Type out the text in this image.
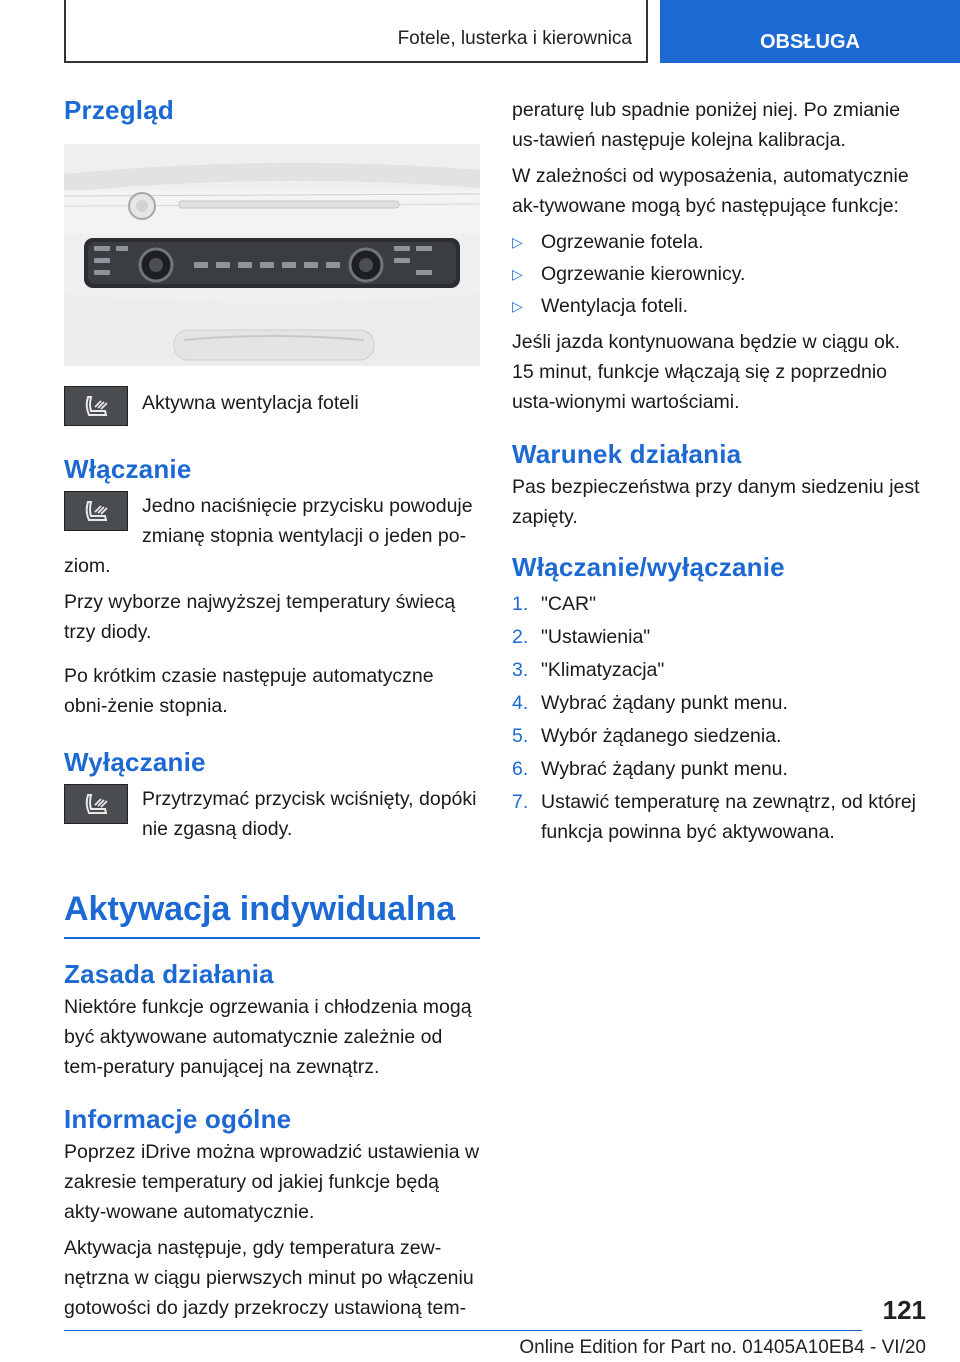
Fotele, lusterka i kierownica	OBSŁUGA
Przegląd

Aktywna wentylacja foteli

Włączanie

Jedno naciśnięcie przycisku powoduje zmianę stopnia wentylacji o jeden po-

ziom.

Przy wyborze najwyższej temperatury świecą trzy diody.

Po krótkim czasie następuje automatyczne obni-żenie stopnia.

Wyłączanie

Przytrzymać przycisk wciśnięty, dopóki nie zgasną diody.

Aktywacja indywidualna
Zasada działania

Niektóre funkcje ogrzewania i chłodzenia mogą być aktywowane automatycznie zależnie od tem-peratury panującej na zewnątrz.

Informacje ogólne

Poprzez iDrive można wprowadzić ustawienia w zakresie temperatury od jakiej funkcje będą akty-wowane automatycznie.

Aktywacja następuje, gdy temperatura zew-nętrzna w ciągu pierwszych minut po włączeniu gotowości do jazdy przekroczy ustawioną tem-

peraturę lub spadnie poniżej niej. Po zmianie us-tawień następuje kolejna kalibracja.

W zależności od wyposażenia, automatycznie ak-tywowane mogą być następujące funkcje:

▷ Ogrzewanie fotela.
▷ Ogrzewanie kierownicy.
▷ Wentylacja foteli.

Jeśli jazda kontynuowana będzie w ciągu ok. 15 minut, funkcje włączają się z poprzednio usta-wionymi wartościami.

Warunek działania

Pas bezpieczeństwa przy danym siedzeniu jest zapięty.

Włączanie/wyłączanie
1. "CAR"
2. "Ustawienia"
3. "Klimatyzacja"
4. Wybrać żądany punkt menu.
5. Wybór żądanego siedzenia.
6. Wybrać żądany punkt menu.
7. Ustawić temperaturę na zewnątrz, od której funkcja powinna być aktywowana.
121
Online Edition for Part no. 01405A10EB4 - VI/20
